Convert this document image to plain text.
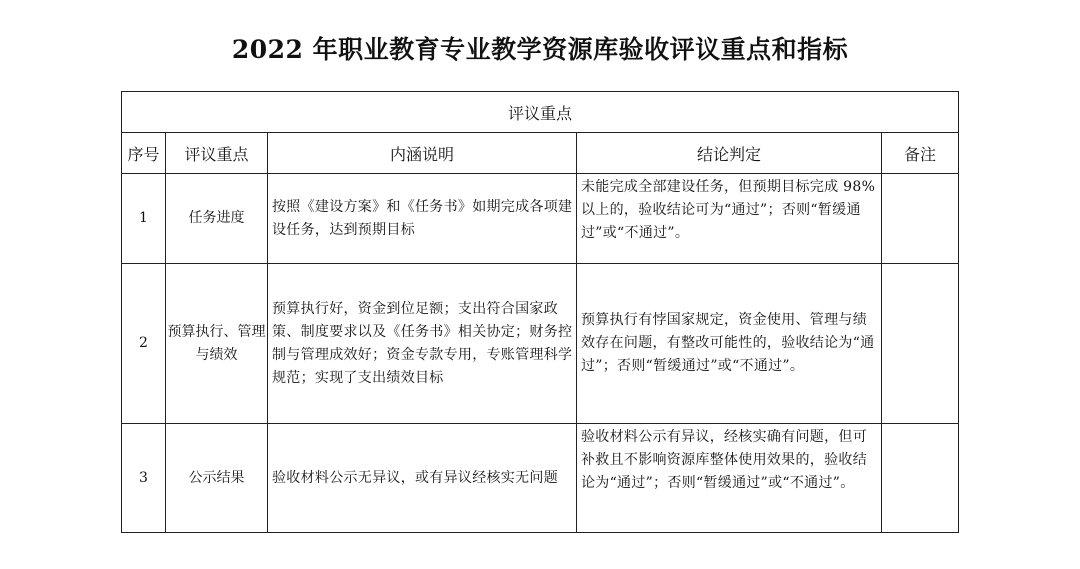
2022 年职业教育专业教学资源库验收评议重点和指标
评议重点				
序号	评议重点	内涵说明	结论判定	备注
1	任务进度	按照《建设方案》和《任务书》如期完成各项建设任务，达到预期目标	未能完成全部建设任务，但预期目标完成 98%以上的，验收结论可为“通过”；否则“暂缓通过”或“不通过”。	
2	预算执行、管理与绩效	预算执行好，资金到位足额；支出符合国家政策、制度要求以及《任务书》相关协定；财务控制与管理成效好；资金专款专用，专账管理科学规范；实现了支出绩效目标	预算执行有悖国家规定，资金使用、管理与绩效存在问题，有整改可能性的，验收结论为“通过”；否则“暂缓通过”或“不通过”。	
3	公示结果	验收材料公示无异议，或有异议经核实无问题	验收材料公示有异议，经核实确有问题，但可补救且不影响资源库整体使用效果的，验收结论为“通过”；否则“暂缓通过”或“不通过”。	
